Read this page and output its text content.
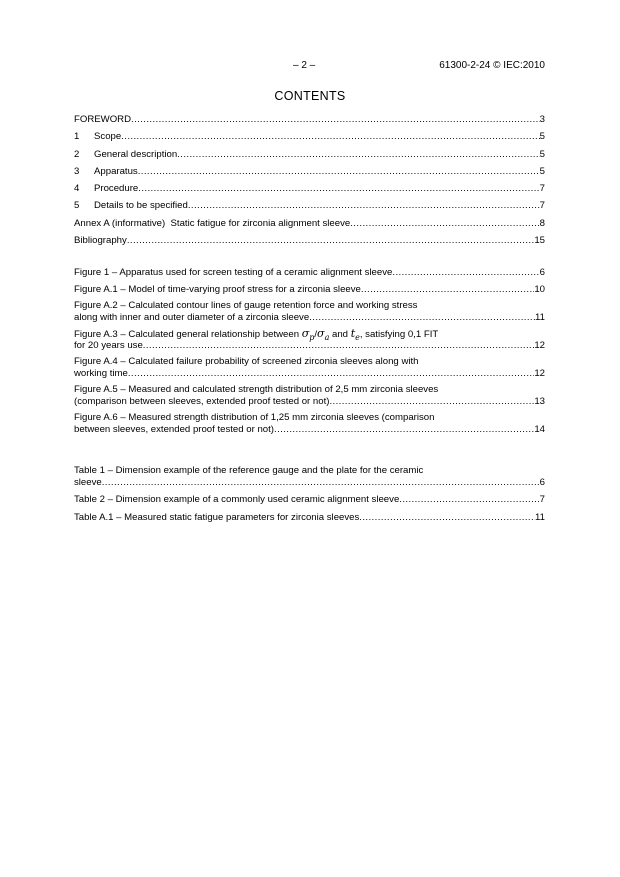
– 2 –	61300-2-24 © IEC:2010
CONTENTS
FOREWORD .....	3
1	Scope .....	5
2	General description .....	5
3	Apparatus .....	5
4	Procedure .....	7
5	Details to be specified .....	7
Annex A (informative)  Static fatigue for zirconia alignment sleeve .....	8
Bibliography .....	15
Figure 1 – Apparatus used for screen testing of a ceramic alignment sleeve .....	6
Figure A.1 – Model of time-varying proof stress for a zirconia sleeve .....	10
Figure A.2 – Calculated contour lines of gauge retention force and working stress
along with inner and outer diameter of a zirconia sleeve .....	11
Figure A.3 – Calculated general relationship between $\sigma_p/\sigma_a$ and $t_e$, satisfying 0,1 FIT
for 20 years use .....	12
Figure A.4 – Calculated failure probability of screened zirconia sleeves along with
working time .....	12
Figure A.5 – Measured and calculated strength distribution of 2,5 mm zirconia sleeves
(comparison between sleeves, extended proof tested or not) .....	13
Figure A.6 – Measured strength distribution of 1,25 mm zirconia sleeves (comparison
between sleeves, extended proof tested or not) .....	14
Table 1 – Dimension example of the reference gauge and the plate for the ceramic
sleeve .....	6
Table 2 – Dimension example of a commonly used ceramic alignment sleeve .....	7
Table A.1 – Measured static fatigue parameters for zirconia sleeves .....	11
